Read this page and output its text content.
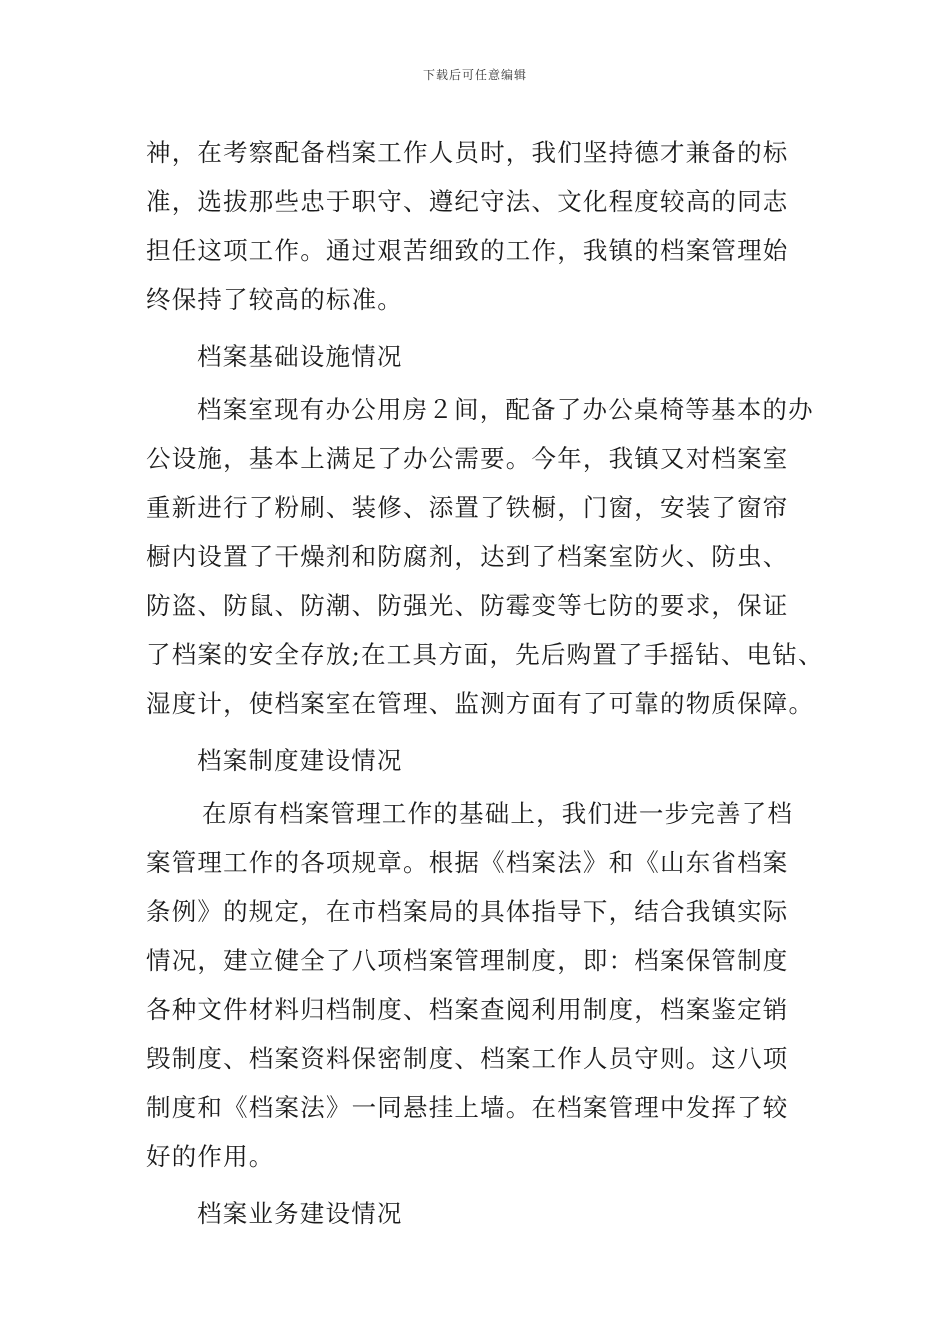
下载后可任意编辑
神，在考察配备档案工作人员时，我们坚持德才兼备的标
准，选拔那些忠于职守、遵纪守法、文化程度较高的同志
担任这项工作。通过艰苦细致的工作，我镇的档案管理始
终保持了较高的标准。
档案基础设施情况
档案室现有办公用房２间，配备了办公桌椅等基本的办
公设施，基本上满足了办公需要。今年，我镇又对档案室
重新进行了粉刷、装修、添置了铁橱，门窗，安装了窗帘
橱内设置了干燥剂和防腐剂，达到了档案室防火、防虫、
防盗、防鼠、防潮、防强光、防霉变等七防的要求，保证
了档案的安全存放;在工具方面，先后购置了手摇钻、电钻、
湿度计，使档案室在管理、监测方面有了可靠的物质保障。
档案制度建设情况
在原有档案管理工作的基础上，我们进一步完善了档
案管理工作的各项规章。根据《档案法》和《山东省档案
条例》的规定，在市档案局的具体指导下，结合我镇实际
情况，建立健全了八项档案管理制度，即：档案保管制度
各种文件材料归档制度、档案查阅利用制度，档案鉴定销
毁制度、档案资料保密制度、档案工作人员守则。这八项
制度和《档案法》一同悬挂上墙。在档案管理中发挥了较
好的作用。
档案业务建设情况
